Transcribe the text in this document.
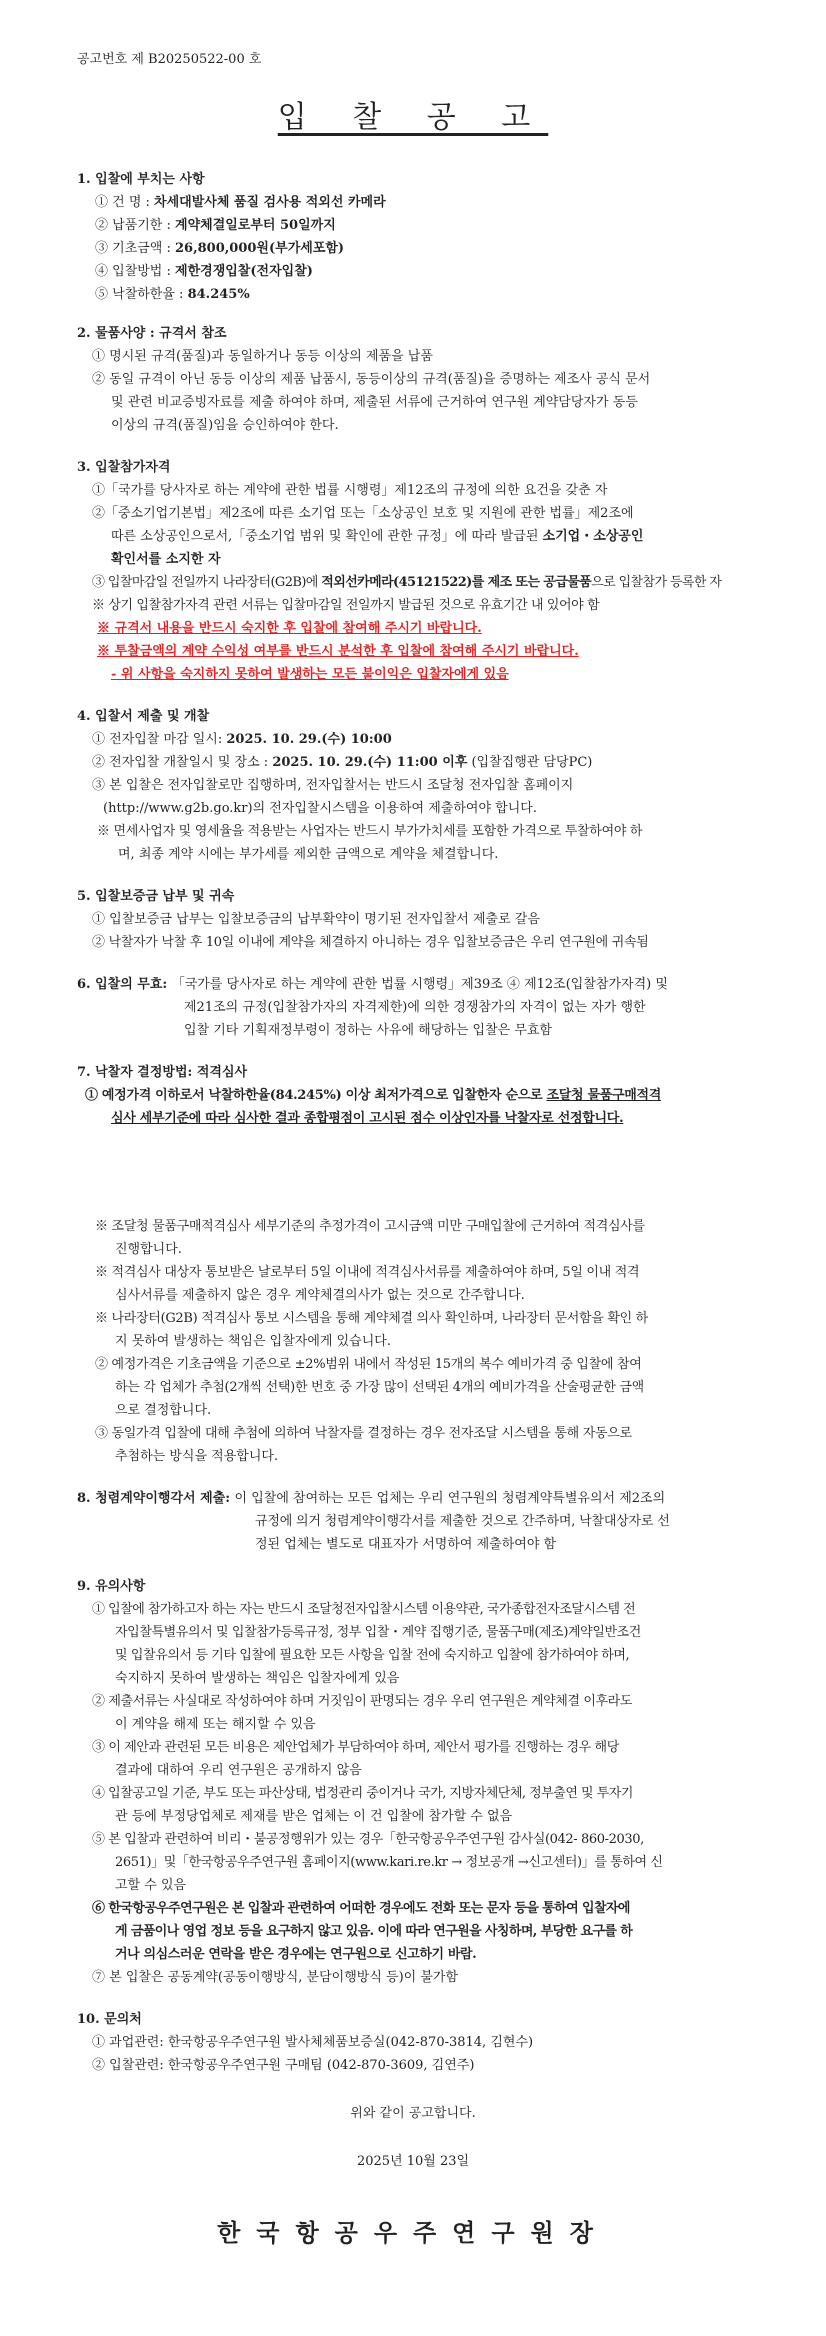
공고번호 제 B20250522-00 호
입 찰 공 고
1. 입찰에 부치는 사항
① 건 명 : 차세대발사체 품질 검사용 적외선 카메라
② 납품기한 : 계약체결일로부터 50일까지
③ 기초금액 : 26,800,000원(부가세포함)
④ 입찰방법 : 제한경쟁입찰(전자입찰)
⑤ 낙찰하한율 : 84.245%
2. 물품사양 : 규격서 참조
① 명시된 규격(품질)과 동일하거나 동등 이상의 제품을 납품
② 동일 규격이 아닌 동등 이상의 제품 납품시, 동등이상의 규격(품질)을 증명하는 제조사 공식 문서
및 관련 비교증빙자료를 제출 하여야 하며, 제출된 서류에 근거하여 연구원 계약담당자가 동등
이상의 규격(품질)임을 승인하여야 한다.
3. 입찰참가자격
①「국가를 당사자로 하는 계약에 관한 법률 시행령」제12조의 규정에 의한 요건을 갖춘 자
②「중소기업기본법」제2조에 따른 소기업 또는「소상공인 보호 및 지원에 관한 법률」제2조에
따른 소상공인으로서,「중소기업 범위 및 확인에 관한 규정」에 따라 발급된 소기업・소상공인
확인서를 소지한 자
③ 입찰마감일 전일까지 나라장터(G2B)에 적외선카메라(45121522)를 제조 또는 공급물품으로 입찰참가 등록한 자
※ 상기 입찰참가자격 관련 서류는 입찰마감일 전일까지 발급된 것으로 유효기간 내 있어야 함
※ 규격서 내용을 반드시 숙지한 후 입찰에 참여해 주시기 바랍니다.
※ 투찰금액의 계약 수익성 여부를 반드시 분석한 후 입찰에 참여해 주시기 바랍니다.
- 위 사항을 숙지하지 못하여 발생하는 모든 불이익은 입찰자에게 있음
4. 입찰서 제출 및 개찰
① 전자입찰 마감 일시: 2025. 10. 29.(수) 10:00
② 전자입찰 개찰일시 및 장소 : 2025. 10. 29.(수) 11:00 이후 (입찰집행관 담당PC)
③ 본 입찰은 전자입찰로만 집행하며, 전자입찰서는 반드시 조달청 전자입찰 홈페이지
(http://www.g2b.go.kr)의 전자입찰시스템을 이용하여 제출하여야 합니다.
※ 면세사업자 및 영세율을 적용받는 사업자는 반드시 부가가치세를 포함한 가격으로 투찰하여야 하
며, 최종 계약 시에는 부가세를 제외한 금액으로 계약을 체결합니다.
5. 입찰보증금 납부 및 귀속
① 입찰보증금 납부는 입찰보증금의 납부확약이 명기된 전자입찰서 제출로 갈음
② 낙찰자가 낙찰 후 10일 이내에 계약을 체결하지 아니하는 경우 입찰보증금은 우리 연구원에 귀속됨
6. 입찰의 무효: 「국가를 당사자로 하는 계약에 관한 법률 시행령」제39조 ④ 제12조(입찰참가자격) 및
제21조의 규정(입찰참가자의 자격제한)에 의한 경쟁참가의 자격이 없는 자가 행한
입찰 기타 기획재정부령이 정하는 사유에 해당하는 입찰은 무효함
7. 낙찰자 결정방법: 적격심사
① 예정가격 이하로서 낙찰하한율(84.245%) 이상 최저가격으로 입찰한자 순으로 조달청 물품구매적격
심사 세부기준에 따라 심사한 결과 종합평점이 고시된 점수 이상인자를 낙찰자로 선정합니다.
※ 조달청 물품구매적격심사 세부기준의 추정가격이 고시금액 미만 구매입찰에 근거하여 적격심사를
진행합니다.
※ 적격심사 대상자 통보받은 날로부터 5일 이내에 적격심사서류를 제출하여야 하며, 5일 이내 적격
심사서류를 제출하지 않은 경우 계약체결의사가 없는 것으로 간주합니다.
※ 나라장터(G2B) 적격심사 통보 시스템을 통해 계약체결 의사 확인하며, 나라장터 문서함을 확인 하
지 못하여 발생하는 책임은 입찰자에게 있습니다.
② 예정가격은 기초금액을 기준으로 ±2%범위 내에서 작성된 15개의 복수 예비가격 중 입찰에 참여
하는 각 업체가 추첨(2개씩 선택)한 번호 중 가장 많이 선택된 4개의 예비가격을 산술평균한 금액
으로 결정합니다.
③ 동일가격 입찰에 대해 추첨에 의하여 낙찰자를 결정하는 경우 전자조달 시스템을 통해 자동으로
추첨하는 방식을 적용합니다.
8. 청렴계약이행각서 제출: 이 입찰에 참여하는 모든 업체는 우리 연구원의 청렴계약특별유의서 제2조의
규정에 의거 청렴계약이행각서를 제출한 것으로 간주하며, 낙찰대상자로 선
정된 업체는 별도로 대표자가 서명하여 제출하여야 함
9. 유의사항
① 입찰에 참가하고자 하는 자는 반드시 조달청전자입찰시스템 이용약관, 국가종합전자조달시스템 전
자입찰특별유의서 및 입찰참가등록규정, 정부 입찰・계약 집행기준, 물품구매(제조)계약일반조건
및 입찰유의서 등 기타 입찰에 필요한 모든 사항을 입찰 전에 숙지하고 입찰에 참가하여야 하며,
숙지하지 못하여 발생하는 책임은 입찰자에게 있음
② 제출서류는 사실대로 작성하여야 하며 거짓임이 판명되는 경우 우리 연구원은 계약체결 이후라도
이 계약을 해제 또는 해지할 수 있음
③ 이 제안과 관련된 모든 비용은 제안업체가 부담하여야 하며, 제안서 평가를 진행하는 경우 해당
결과에 대하여 우리 연구원은 공개하지 않음
④ 입찰공고일 기준, 부도 또는 파산상태, 법정관리 중이거나 국가, 지방자체단체, 정부출연 및 투자기
관 등에 부정당업체로 제재를 받은 업체는 이 건 입찰에 참가할 수 없음
⑤ 본 입찰과 관련하여 비리・불공정행위가 있는 경우「한국항공우주연구원 감사실(042- 860-2030,
2651)」및「한국항공우주연구원 홈페이지(www.kari.re.kr → 정보공개 →신고센터)」를 통하여 신
고할 수 있음
⑥ 한국항공우주연구원은 본 입찰과 관련하여 어떠한 경우에도 전화 또는 문자 등을 통하여 입찰자에
게 금품이나 영업 정보 등을 요구하지 않고 있음. 이에 따라 연구원을 사칭하며, 부당한 요구를 하
거나 의심스러운 연락을 받은 경우에는 연구원으로 신고하기 바람.
⑦ 본 입찰은 공동계약(공동이행방식, 분담이행방식 등)이 불가함
10. 문의처
① 과업관련: 한국항공우주연구원 발사체체품보증실(042-870-3814, 김현수)
② 입찰관련: 한국항공우주연구원 구매팀 (042-870-3609, 김연주)
위와 같이 공고합니다.
2025년 10월 23일
한국항공우주연구원장
